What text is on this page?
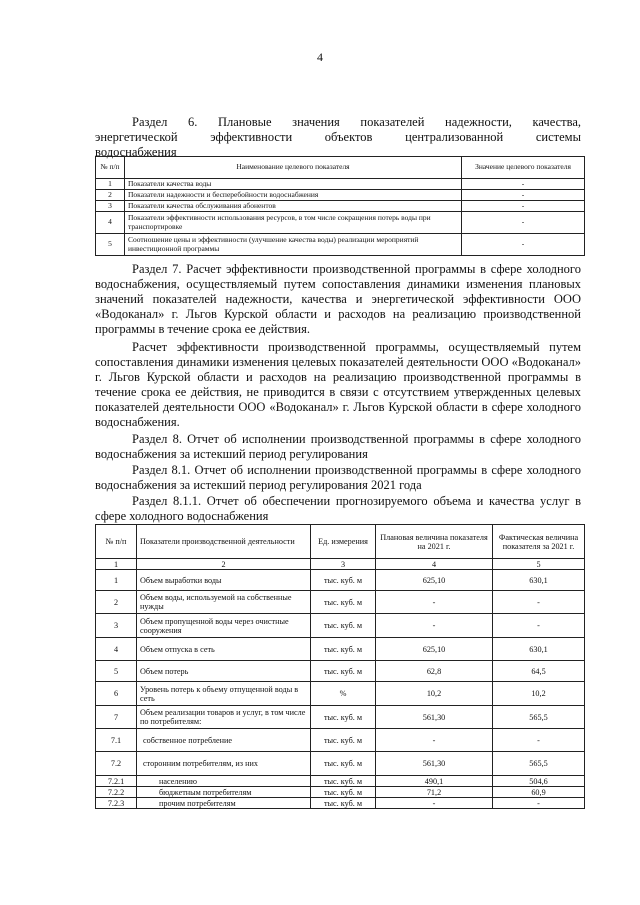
4
Раздел 6. Плановые значения показателей надежности, качества,
энергетической эффективности объектов централизованной системы
водоснабжения
№ п/п	Наименование целевого показателя	Значение целевого показателя
1	Показатели качества воды	-
2	Показатели надежности и бесперебойности водоснабжения	-
3	Показатели качества обслуживания абонентов	-
4	Показатели эффективности использования ресурсов, в том числе сокращения потерь воды при транспортировке	-
5	Соотношение цены и эффективности (улучшение качества воды) реализации мероприятий инвестиционной программы	-
Раздел 7. Расчет эффективности производственной программы в сфере холодного водоснабжения, осуществляемый путем сопоставления динамики изменения плановых значений показателей надежности, качества и энергетической эффективности ООО «Водоканал» г. Льгов Курской области и расходов на реализацию производственной программы в течение срока ее действия.
Расчет эффективности производственной программы, осуществляемый путем сопоставления динамики изменения целевых показателей деятельности ООО «Водоканал» г. Льгов Курской области и расходов на реализацию производственной программы в течение срока ее действия, не приводится в связи с отсутствием утвержденных целевых показателей деятельности ООО «Водоканал» г. Льгов Курской области в сфере холодного водоснабжения.
Раздел 8. Отчет об исполнении производственной программы в сфере холодного водоснабжения за истекший период регулирования
Раздел 8.1. Отчет об исполнении производственной программы в сфере холодного водоснабжения за истекший период регулирования 2021 года
Раздел 8.1.1. Отчет об обеспечении прогнозируемого объема и качества услуг в сфере холодного водоснабжения
№ п/п	Показатели производственной деятельности	Ед. измерения	Плановая величина показателя на 2021 г.	Фактическая величина показателя за 2021 г.
1	2	3	4	5
1	Объем выработки воды	тыс. куб. м	625,10	630,1
2	Объем воды, используемой на собственные нужды	тыс. куб. м	-	-
3	Объем пропущенной воды через очистные сооружения	тыс. куб. м	-	-
4	Объем отпуска в сеть	тыс. куб. м	625,10	630,1
5	Объем потерь	тыс. куб. м	62,8	64,5
6	Уровень потерь к объему отпущенной воды в сеть	%	10,2	10,2
7	Объем реализации товаров и услуг, в том числе по потребителям:	тыс. куб. м	561,30	565,5
7.1	собственное потребление	тыс. куб. м	-	-
7.2	сторонним потребителям, из них	тыс. куб. м	561,30	565,5
7.2.1	населению	тыс. куб. м	490,1	504,6
7.2.2	бюджетным потребителям	тыс. куб. м	71,2	60,9
7.2.3	прочим потребителям	тыс. куб. м	-	-
